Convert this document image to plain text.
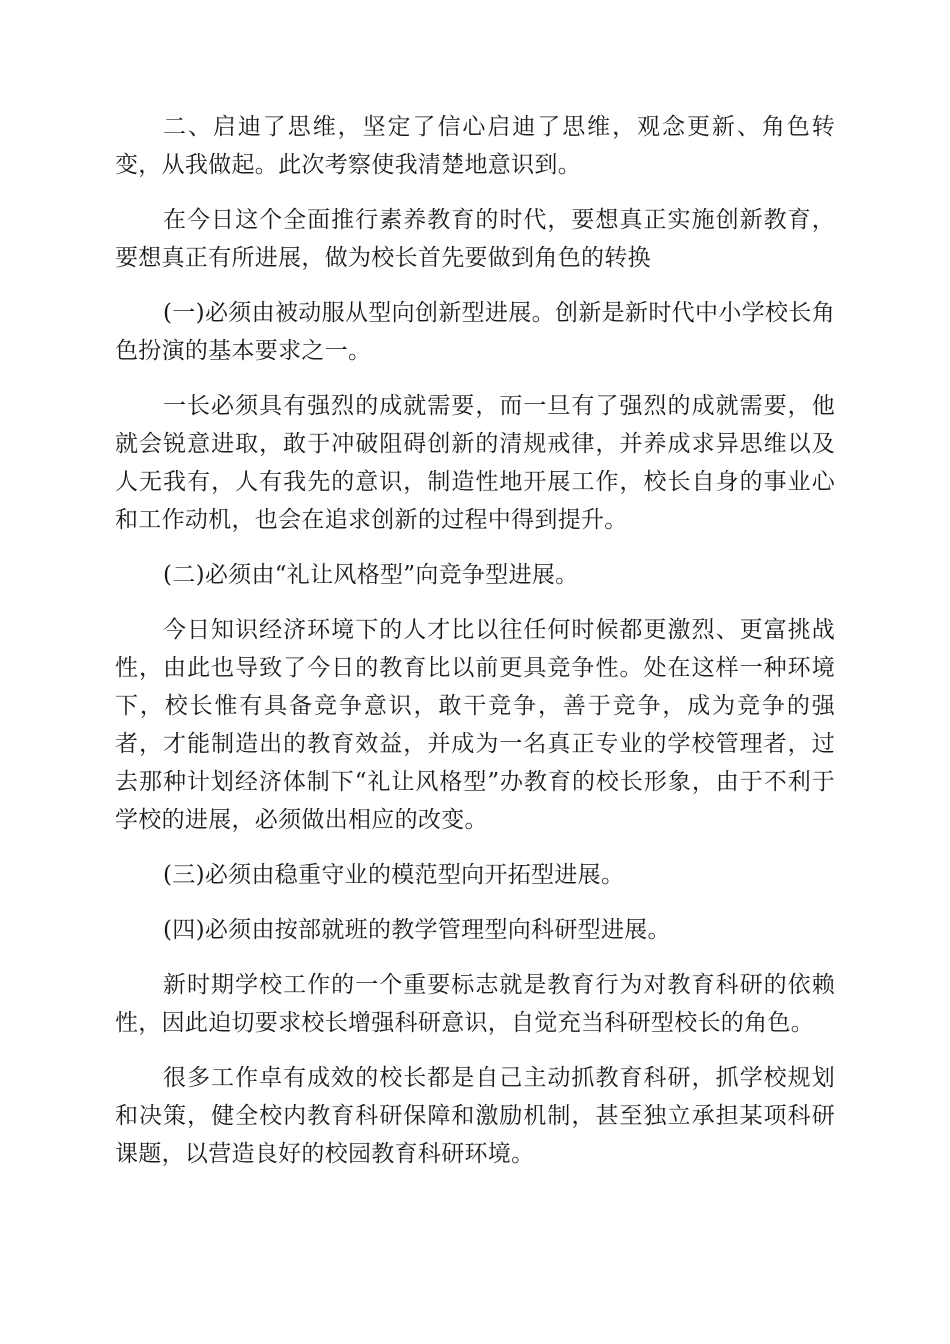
二、启迪了思维，坚定了信心启迪了思维，观念更新、角色转变，从我做起。此次考察使我清楚地意识到。

在今日这个全面推行素养教育的时代，要想真正实施创新教育，要想真正有所进展，做为校长首先要做到角色的转换

(一)必须由被动服从型向创新型进展。创新是新时代中小学校长角色扮演的基本要求之一。

一长必须具有强烈的成就需要，而一旦有了强烈的成就需要，他就会锐意进取，敢于冲破阻碍创新的清规戒律，并养成求异思维以及人无我有，人有我先的意识，制造性地开展工作，校长自身的事业心和工作动机，也会在追求创新的过程中得到提升。

(二)必须由“礼让风格型”向竞争型进展。

今日知识经济环境下的人才比以往任何时候都更激烈、更富挑战性，由此也导致了今日的教育比以前更具竞争性。处在这样一种环境下，校长惟有具备竞争意识，敢干竞争，善于竞争，成为竞争的强者，才能制造出的教育效益，并成为一名真正专业的学校管理者，过去那种计划经济体制下“礼让风格型”办教育的校长形象，由于不利于学校的进展，必须做出相应的改变。

(三)必须由稳重守业的模范型向开拓型进展。

(四)必须由按部就班的教学管理型向科研型进展。

新时期学校工作的一个重要标志就是教育行为对教育科研的依赖性，因此迫切要求校长增强科研意识，自觉充当科研型校长的角色。

很多工作卓有成效的校长都是自己主动抓教育科研，抓学校规划和决策，健全校内教育科研保障和激励机制，甚至独立承担某项科研课题，以营造良好的校园教育科研环境。
